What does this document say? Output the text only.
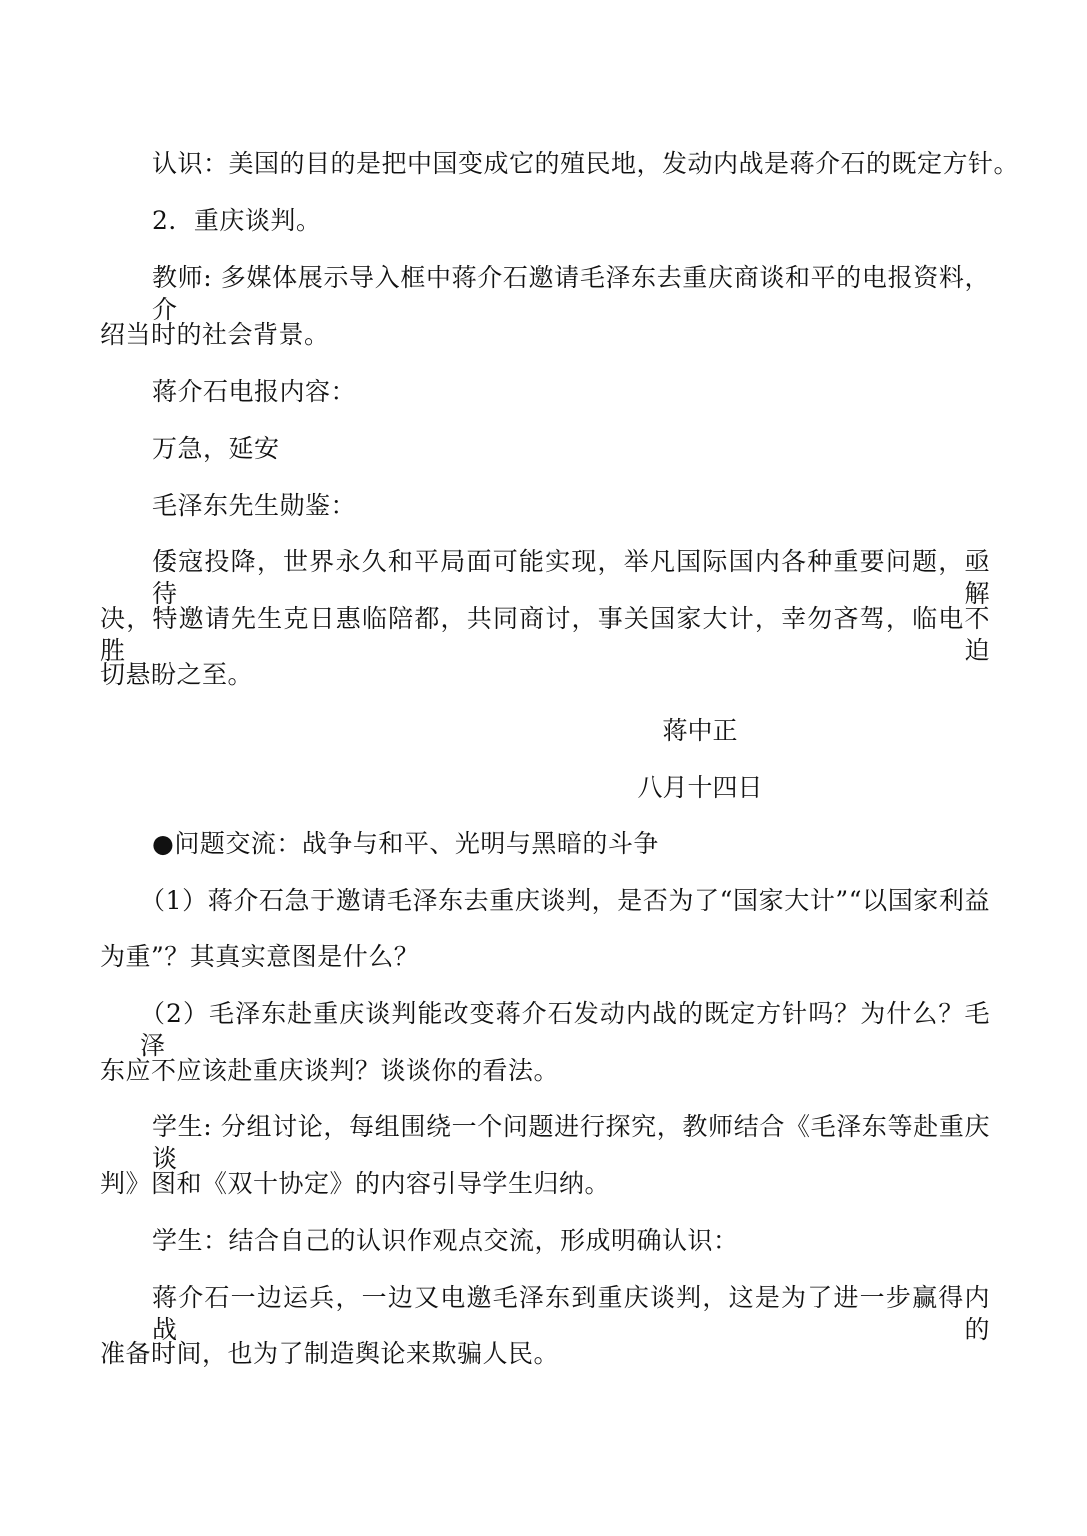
认识：美国的目的是把中国变成它的殖民地，发动内战是蒋介石的既定方针。
2．重庆谈判。
教师: 多媒体展示导入框中蒋介石邀请毛泽东去重庆商谈和平的电报资料，介
绍当时的社会背景。
蒋介石电报内容：
万急，延安
毛泽东先生勋鉴：
倭寇投降，世界永久和平局面可能实现，举凡国际国内各种重要问题，亟待解
决，特邀请先生克日惠临陪都，共同商讨，事关国家大计，幸勿吝驾，临电不胜迫
切悬盼之至。
蒋中正
八月十四日
●问题交流：战争与和平、光明与黑暗的斗争
（1）蒋介石急于邀请毛泽东去重庆谈判，是否为了“国家大计”“以国家利益
为重”？其真实意图是什么？
（2）毛泽东赴重庆谈判能改变蒋介石发动内战的既定方针吗？为什么？毛泽
东应不应该赴重庆谈判？谈谈你的看法。
学生: 分组讨论，每组围绕一个问题进行探究，教师结合《毛泽东等赴重庆谈
判》图和《双十协定》的内容引导学生归纳。
学生：结合自己的认识作观点交流，形成明确认识：
蒋介石一边运兵，一边又电邀毛泽东到重庆谈判，这是为了进一步赢得内战的
准备时间，也为了制造舆论来欺骗人民。
